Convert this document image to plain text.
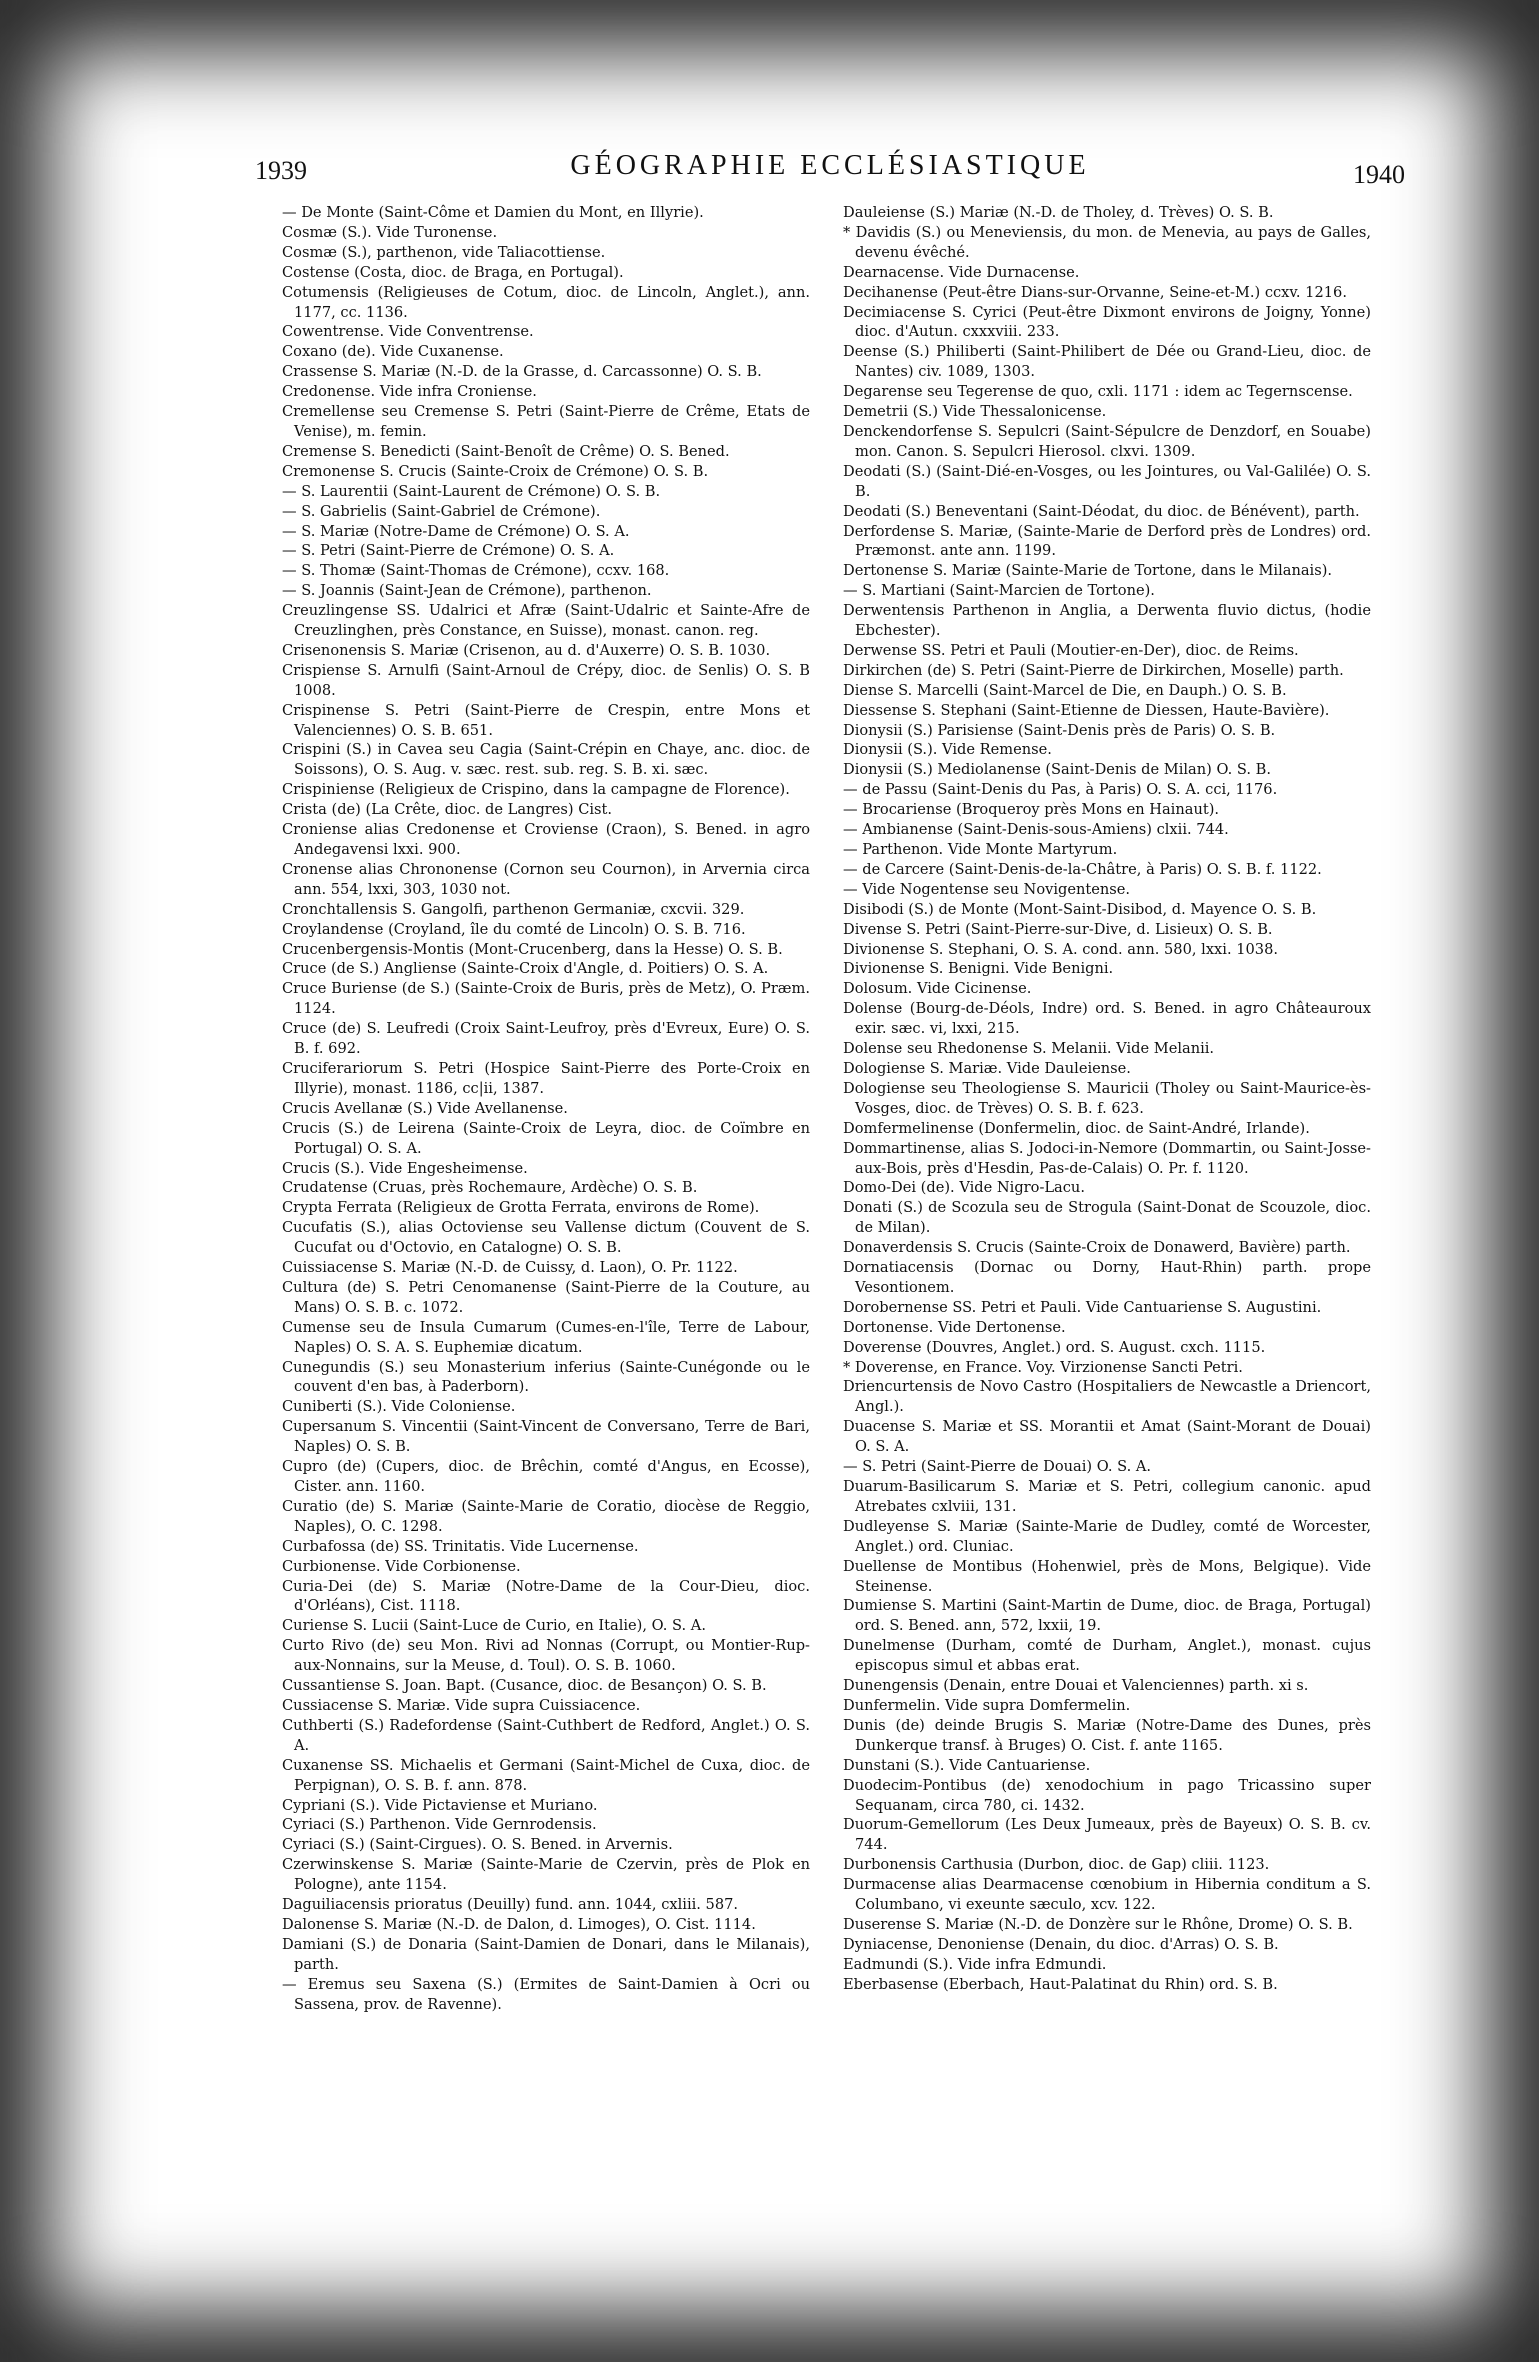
1939	GÉOGRAPHIE ECCLÉSIASTIQUE	1940

— De Monte (Saint-Côme et Damien du Mont, en Illyrie).

Cosmæ (S.). Vide Turonense.

Cosmæ (S.), parthenon, vide Taliacottiense.

Costense (Costa, dioc. de Braga, en Portugal).

Cotumensis (Religieuses de Cotum, dioc. de Lincoln, Anglet.), ann. 1177, cc. 1136.

Cowentrense. Vide Conventrense.

Coxano (de). Vide Cuxanense.

Crassense S. Mariæ (N.-D. de la Grasse, d. Carcassonne) O. S. B.

Credonense. Vide infra Croniense.

Cremellense seu Cremense S. Petri (Saint-Pierre de Crême, Etats de Venise), m. femin.

Cremense S. Benedicti (Saint-Benoît de Crême) O. S. Bened.

Cremonense S. Crucis (Sainte-Croix de Crémone) O. S. B.

— S. Laurentii (Saint-Laurent de Crémone) O. S. B.

— S. Gabrielis (Saint-Gabriel de Crémone).

— S. Mariæ (Notre-Dame de Crémone) O. S. A.

— S. Petri (Saint-Pierre de Crémone) O. S. A.

— S. Thomæ (Saint-Thomas de Crémone), ccxv. 168.

— S. Joannis (Saint-Jean de Crémone), parthenon.

Creuzlingense SS. Udalrici et Afræ (Saint-Udalric et Sainte-Afre de Creuzlinghen, près Constance, en Suisse), monast. canon. reg.

Crisenonensis S. Mariæ (Crisenon, au d. d'Auxerre) O. S. B. 1030.

Crispiense S. Arnulfi (Saint-Arnoul de Crépy, dioc. de Senlis) O. S. B 1008.

Crispinense S. Petri (Saint-Pierre de Crespin, entre Mons et Valenciennes) O. S. B. 651.

Crispini (S.) in Cavea seu Cagia (Saint-Crépin en Chaye, anc. dioc. de Soissons), O. S. Aug. v. sæc. rest. sub. reg. S. B. xi. sæc.

Crispiniense (Religieux de Crispino, dans la campagne de Florence).

Crista (de) (La Crête, dioc. de Langres) Cist.

Croniense alias Credonense et Croviense (Craon), S. Bened. in agro Andegavensi lxxi. 900.

Cronense alias Chrononense (Cornon seu Cournon), in Arvernia circa ann. 554, lxxi, 303, 1030 not.

Cronchtallensis S. Gangolfi, parthenon Germaniæ, cxcvii. 329.

Croylandense (Croyland, île du comté de Lincoln) O. S. B. 716.

Crucenbergensis-Montis (Mont-Crucenberg, dans la Hesse) O. S. B.

Cruce (de S.) Angliense (Sainte-Croix d'Angle, d. Poitiers) O. S. A.

Cruce Buriense (de S.) (Sainte-Croix de Buris, près de Metz), O. Præm. 1124.

Cruce (de) S. Leufredi (Croix Saint-Leufroy, près d'Evreux, Eure) O. S. B. f. 692.

Cruciferariorum S. Petri (Hospice Saint-Pierre des Porte-Croix en Illyrie), monast. 1186, cc|ii, 1387.

Crucis Avellanæ (S.) Vide Avellanense.

Crucis (S.) de Leirena (Sainte-Croix de Leyra, dioc. de Coïmbre en Portugal) O. S. A.

Crucis (S.). Vide Engesheimense.

Crudatense (Cruas, près Rochemaure, Ardèche) O. S. B.

Crypta Ferrata (Religieux de Grotta Ferrata, environs de Rome).

Cucufatis (S.), alias Octoviense seu Vallense dictum (Couvent de S. Cucufat ou d'Octovio, en Catalogne) O. S. B.

Cuissiacense S. Mariæ (N.-D. de Cuissy, d. Laon), O. Pr. 1122.

Cultura (de) S. Petri Cenomanense (Saint-Pierre de la Couture, au Mans) O. S. B. c. 1072.

Cumense seu de Insula Cumarum (Cumes-en-l'île, Terre de Labour, Naples) O. S. A. S. Euphemiæ dicatum.

Cunegundis (S.) seu Monasterium inferius (Sainte-Cunégonde ou le couvent d'en bas, à Paderborn).

Cuniberti (S.). Vide Coloniense.

Cupersanum S. Vincentii (Saint-Vincent de Conversano, Terre de Bari, Naples) O. S. B.

Cupro (de) (Cupers, dioc. de Brêchin, comté d'Angus, en Ecosse), Cister. ann. 1160.

Curatio (de) S. Mariæ (Sainte-Marie de Coratio, diocèse de Reggio, Naples), O. C. 1298.

Curbafossa (de) SS. Trinitatis. Vide Lucernense.

Curbionense. Vide Corbionense.

Curia-Dei (de) S. Mariæ (Notre-Dame de la Cour-Dieu, dioc. d'Orléans), Cist. 1118.

Curiense S. Lucii (Saint-Luce de Curio, en Italie), O. S. A.

Curto Rivo (de) seu Mon. Rivi ad Nonnas (Corrupt, ou Montier-Rup-aux-Nonnains, sur la Meuse, d. Toul). O. S. B. 1060.

Cussantiense S. Joan. Bapt. (Cusance, dioc. de Besançon) O. S. B.

Cussiacense S. Mariæ. Vide supra Cuissiacence.

Cuthberti (S.) Radefordense (Saint-Cuthbert de Redford, Anglet.) O. S. A.

Cuxanense SS. Michaelis et Germani (Saint-Michel de Cuxa, dioc. de Perpignan), O. S. B. f. ann. 878.

Cypriani (S.). Vide Pictaviense et Muriano.

Cyriaci (S.) Parthenon. Vide Gernrodensis.

Cyriaci (S.) (Saint-Cirgues). O. S. Bened. in Arvernis.

Czerwinskense S. Mariæ (Sainte-Marie de Czervin, près de Plok en Pologne), ante 1154.

Daguiliacensis prioratus (Deuilly) fund. ann. 1044, cxliii. 587.

Dalonense S. Mariæ (N.-D. de Dalon, d. Limoges), O. Cist. 1114.

Damiani (S.) de Donaria (Saint-Damien de Donari, dans le Milanais), parth.

— Eremus seu Saxena (S.) (Ermites de Saint-Damien à Ocri ou Sassena, prov. de Ravenne).

Dauleiense (S.) Mariæ (N.-D. de Tholey, d. Trèves) O. S. B.

* Davidis (S.) ou Meneviensis, du mon. de Menevia, au pays de Galles, devenu évêché.

Dearnacense. Vide Durnacense.

Decihanense (Peut-être Dians-sur-Orvanne, Seine-et-M.) ccxv. 1216.

Decimiacense S. Cyrici (Peut-être Dixmont environs de Joigny, Yonne) dioc. d'Autun. cxxxviii. 233.

Deense (S.) Philiberti (Saint-Philibert de Dée ou Grand-Lieu, dioc. de Nantes) civ. 1089, 1303.

Degarense seu Tegerense de quo, cxli. 1171 : idem ac Tegernscense.

Demetrii (S.) Vide Thessalonicense.

Denckendorfense S. Sepulcri (Saint-Sépulcre de Denzdorf, en Souabe) mon. Canon. S. Sepulcri Hierosol. clxvi. 1309.

Deodati (S.) (Saint-Dié-en-Vosges, ou les Jointures, ou Val-Galilée) O. S. B.

Deodati (S.) Beneventani (Saint-Déodat, du dioc. de Bénévent), parth.

Derfordense S. Mariæ, (Sainte-Marie de Derford près de Londres) ord. Præmonst. ante ann. 1199.

Dertonense S. Mariæ (Sainte-Marie de Tortone, dans le Milanais).

— S. Martiani (Saint-Marcien de Tortone).

Derwentensis Parthenon in Anglia, a Derwenta fluvio dictus, (hodie Ebchester).

Derwense SS. Petri et Pauli (Moutier-en-Der), dioc. de Reims.

Dirkirchen (de) S. Petri (Saint-Pierre de Dirkirchen, Moselle) parth.

Diense S. Marcelli (Saint-Marcel de Die, en Dauph.) O. S. B.

Diessense S. Stephani (Saint-Etienne de Diessen, Haute-Bavière).

Dionysii (S.) Parisiense (Saint-Denis près de Paris) O. S. B.

Dionysii (S.). Vide Remense.

Dionysii (S.) Mediolanense (Saint-Denis de Milan) O. S. B.

— de Passu (Saint-Denis du Pas, à Paris) O. S. A. cci, 1176.

— Brocariense (Broqueroy près Mons en Hainaut).

— Ambianense (Saint-Denis-sous-Amiens) clxii. 744.

— Parthenon. Vide Monte Martyrum.

— de Carcere (Saint-Denis-de-la-Châtre, à Paris) O. S. B. f. 1122.

— Vide Nogentense seu Novigentense.

Disibodi (S.) de Monte (Mont-Saint-Disibod, d. Mayence O. S. B.

Divense S. Petri (Saint-Pierre-sur-Dive, d. Lisieux) O. S. B.

Divionense S. Stephani, O. S. A. cond. ann. 580, lxxi. 1038.

Divionense S. Benigni. Vide Benigni.

Dolosum. Vide Cicinense.

Dolense (Bourg-de-Déols, Indre) ord. S. Bened. in agro Châteauroux exir. sæc. vi, lxxi, 215.

Dolense seu Rhedonense S. Melanii. Vide Melanii.

Dologiense S. Mariæ. Vide Dauleiense.

Dologiense seu Theologiense S. Mauricii (Tholey ou Saint-Maurice-ès-Vosges, dioc. de Trèves) O. S. B. f. 623.

Domfermelinense (Donfermelin, dioc. de Saint-André, Irlande).

Dommartinense, alias S. Jodoci-in-Nemore (Dommartin, ou Saint-Josse-aux-Bois, près d'Hesdin, Pas-de-Calais) O. Pr. f. 1120.

Domo-Dei (de). Vide Nigro-Lacu.

Donati (S.) de Scozula seu de Strogula (Saint-Donat de Scouzole, dioc. de Milan).

Donaverdensis S. Crucis (Sainte-Croix de Donawerd, Bavière) parth.

Dornatiacensis (Dornac ou Dorny, Haut-Rhin) parth. prope Vesontionem.

Dorobernense SS. Petri et Pauli. Vide Cantuariense S. Augustini.

Dortonense. Vide Dertonense.

Doverense (Douvres, Anglet.) ord. S. August. cxch. 1115.

* Doverense, en France. Voy. Virzionense Sancti Petri.

Driencurtensis de Novo Castro (Hospitaliers de Newcastle a Driencort, Angl.).

Duacense S. Mariæ et SS. Morantii et Amat (Saint-Morant de Douai) O. S. A.

— S. Petri (Saint-Pierre de Douai) O. S. A.

Duarum-Basilicarum S. Mariæ et S. Petri, collegium canonic. apud Atrebates cxlviii, 131.

Dudleyense S. Mariæ (Sainte-Marie de Dudley, comté de Worcester, Anglet.) ord. Cluniac.

Duellense de Montibus (Hohenwiel, près de Mons, Belgique). Vide Steinense.

Dumiense S. Martini (Saint-Martin de Dume, dioc. de Braga, Portugal) ord. S. Bened. ann, 572, lxxii, 19.

Dunelmense (Durham, comté de Durham, Anglet.), monast. cujus episcopus simul et abbas erat.

Dunengensis (Denain, entre Douai et Valenciennes) parth. xi s.

Dunfermelin. Vide supra Domfermelin.

Dunis (de) deinde Brugis S. Mariæ (Notre-Dame des Dunes, près Dunkerque transf. à Bruges) O. Cist. f. ante 1165.

Dunstani (S.). Vide Cantuariense.

Duodecim-Pontibus (de) xenodochium in pago Tricassino super Sequanam, circa 780, ci. 1432.

Duorum-Gemellorum (Les Deux Jumeaux, près de Bayeux) O. S. B. cv. 744.

Durbonensis Carthusia (Durbon, dioc. de Gap) cliii. 1123.

Durmacense alias Dearmacense cœnobium in Hibernia conditum a S. Columbano, vi exeunte sæculo, xcv. 122.

Duserense S. Mariæ (N.-D. de Donzère sur le Rhône, Drome) O. S. B.

Dyniacense, Denoniense (Denain, du dioc. d'Arras) O. S. B.

Eadmundi (S.). Vide infra Edmundi.

Eberbasense (Eberbach, Haut-Palatinat du Rhin) ord. S. B.
